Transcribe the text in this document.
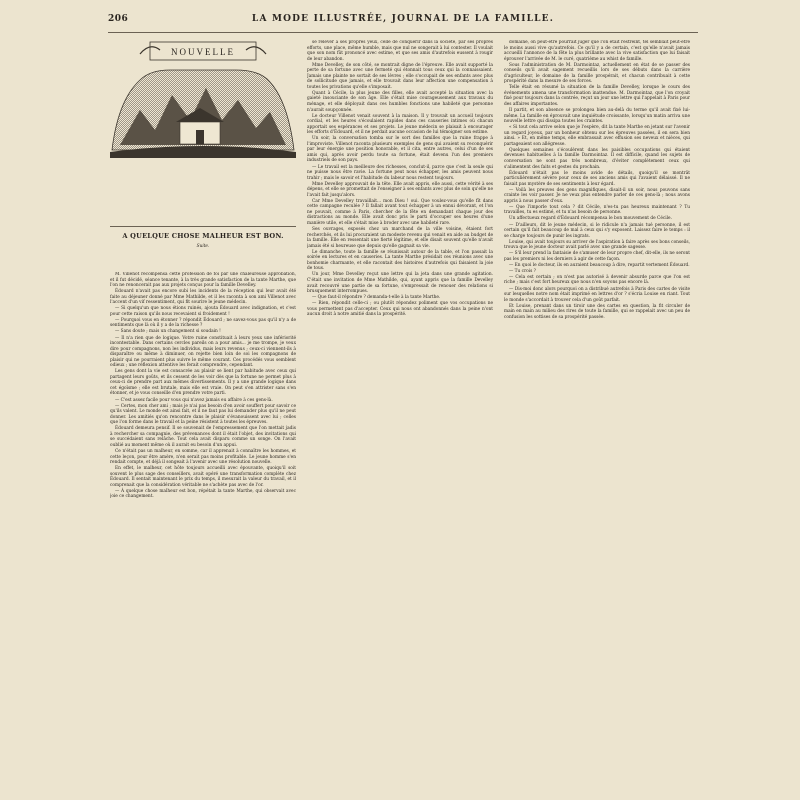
206	LA MODE ILLUSTRÉE, JOURNAL DE LA FAMILLE.
NOUVELLE
A QUELQUE CHOSE MALHEUR EST BON.
Suite.

M. Villenot récompensa cette profession de foi par une chaleureuse approbation, et il fut décidé, séance tenante, à la très grande satisfaction de la tante Marthe, que l'on ne renoncerait pas aux projets conçus pour la famille Develley.

Édouard n'avait pas encore subi les incidents de la réception qui leur avait été faite au déjeuner donné par Mme Mathilde, et il les raconta à son ami Villenot avec l'accent d'un vif ressentiment, qui fit sourire le jeune médecin.

— Si quelqu'un que nous étions ruinés, ajouta Édouard avec indignation, et c'est pour cette raison qu'ils nous recevaient si froidement !

— Pourquoi vous en étonner ? répondit Édouard ; ne savez-vous pas qu'il n'y a de sentiments que là où il y a de la richesse ?

— Sans doute ; mais un changement si soudain !

— Il n'a rien que de logique. Votre ruine constituait à leurs yeux une infériorité incontestable. Dans certains cercles pareils on a pour amis... je me trompe, je veux dire pour compagnons, non les individus, mais leurs revenus ; ceux-ci viennent-ils à disparaître ou même à diminuer, on rejette bien loin de soi les compagnons de plaisir qui ne pourraient plus suivre le même courant. Ces procédés vous semblent odieux ; une réflexion attentive les ferait comprendre, cependant.

Les gens dont la vie est consacrée au plaisir se lient par habitude avec ceux qui partagent leurs goûts, et ils cessent de les voir dès que la fortune ne permet plus à ceux-ci de prendre part aux mêmes divertissements. Il y a une grande logique dans cet égoïsme ; elle est brutale, mais elle est vraie. On peut s'en attrister sans s'en étonner, et je vous conseille d'en prendre votre parti.

— C'est assez facile pour vous qui n'avez jamais eu affaire à ces gens-là.

— Certes, mon cher ami ; mais je n'ai pas besoin d'en avoir souffert pour savoir ce qu'ils valent. Le monde est ainsi fait, et il ne faut pas lui demander plus qu'il ne peut donner. Les amitiés qu'on rencontre dans le plaisir s'évanouissent avec lui ; celles que l'on forme dans le travail et la peine résistent à toutes les épreuves.

Édouard demeura pensif. Il se souvenait de l'empressement que l'on mettait jadis à rechercher sa compagnie, des prévenances dont il était l'objet, des invitations qui se succédaient sans relâche. Tout cela avait disparu comme un songe. On l'avait oublié au moment même où il aurait eu besoin d'un appui.

Ce n'était pas un malheur, en somme, car il apprenait à connaître les hommes, et cette leçon, pour être amère, n'en serait pas moins profitable. Le jeune homme s'en rendait compte, et déjà il songeait à l'avenir avec une résolution nouvelle.

En effet, le malheur, cet hôte toujours accueilli avec épouvante, quoiqu'il soit souvent le plus sage des conseillers, avait opéré une transformation complète chez Édouard. Il sentait maintenant le prix du temps, il mesurait la valeur du travail, et il comprenait que la considération véritable ne s'achète pas avec de l'or.

— À quelque chose malheur est bon, répétait la tante Marthe, qui observait avec joie ce changement.

se relever à ses propres yeux, celle de conquérir dans la société, par ses propres efforts, une place, même humble, mais que nul ne songerait à lui contester. Il voulait que son nom fût prononcé avec estime, et que ses amis d'autrefois eussent à rougir de leur abandon.

Mme Develley, de son côté, se montrait digne de l'épreuve. Elle avait supporté la perte de sa fortune avec une fermeté qui étonnait tous ceux qui la connaissaient. Jamais une plainte ne sortait de ses lèvres ; elle s'occupait de ses enfants avec plus de sollicitude que jamais, et elle trouvait dans leur affection une compensation à toutes les privations qu'elle s'imposait.

Quant à Cécile, la plus jeune des filles, elle avait accepté la situation avec la gaieté insouciante de son âge. Elle s'était mise courageusement aux travaux du ménage, et elle déployait dans ces humbles fonctions une habileté que personne n'aurait soupçonnée.

Le docteur Villenot venait souvent à la maison. Il y trouvait un accueil toujours cordial, et les heures s'écoulaient rapides dans ces causeries intimes où chacun apportait ses espérances et ses projets. Le jeune médecin se plaisait à encourager les efforts d'Édouard, et il ne perdait aucune occasion de lui témoigner son estime.

Un soir, la conversation tomba sur le sort des familles que la ruine frappe à l'improviste. Villenot raconta plusieurs exemples de gens qui avaient su reconquérir par leur énergie une position honorable, et il cita, entre autres, celui d'un de ses amis qui, après avoir perdu toute sa fortune, était devenu l'un des premiers industriels de son pays.

— Le travail est la meilleure des richesses, conclut-il, parce que c'est la seule qui ne puisse nous être ravie. La fortune peut nous échapper, les amis peuvent nous trahir ; mais le savoir et l'habitude du labeur nous restent toujours.

Mme Develley approuvait de la tête. Elle avait appris, elle aussi, cette vérité à ses dépens, et elle se promettait de l'enseigner à ses enfants avec plus de soin qu'elle ne l'avait fait jusqu'alors.

Car Mme Develley travaillait... mon Dieu ! oui. Que voulez-vous qu'elle fît dans cette campagne reculée ? Il fallait avant tout échapper à un ennui dévorant, et l'on ne pouvait, comme à Paris, chercher de la fête en demandant chaque jour des distractions au monde. Elle avait donc pris le parti d'occuper ses heures d'une manière utile, et elle s'était mise à broder avec une habileté rare.

Ses ouvrages, exposés chez un marchand de la ville voisine, étaient fort recherchés, et ils lui procuraient un modeste revenu qui venait en aide au budget de la famille. Elle en ressentait une fierté légitime, et elle disait souvent qu'elle n'avait jamais été si heureuse que depuis qu'elle gagnait sa vie.

Le dimanche, toute la famille se réunissait autour de la table, et l'on passait la soirée en lectures et en causeries. La tante Marthe présidait ces réunions avec une bonhomie charmante, et elle racontait des histoires d'autrefois qui faisaient la joie de tous.

Un jour, Mme Develley reçut une lettre qui la jeta dans une grande agitation. C'était une invitation de Mme Mathilde, qui, ayant appris que la famille Develley avait recouvré une partie de sa fortune, s'empressait de renouer des relations si brusquement interrompues.

— Que faut-il répondre ? demanda-t-elle à la tante Marthe.

— Rien, répondit celle-ci ; ou plutôt répondez poliment que vos occupations ne vous permettent pas d'accepter. Ceux qui nous ont abandonnés dans la peine n'ont aucun droit à notre amitié dans la prospérité.

domaine, on peut-être pourrait juger que l'on était restreint, tel semblait peut-être le moins aussi vive qu'autrefois. Ce qu'il y a de certain, c'est qu'elle n'avait jamais accueilli l'annonce de la fête la plus brillante avec la vive satisfaction que lui faisait éprouver l'arrivée de M. le curé, quatrième au whist de famille.

Sous l'administration de M. Darmointaz, actuellement en état de se passer des conseils qu'il avait sagement recueillis lors de ses débuts dans la carrière d'agriculteur, le domaine de la famille prospérait, et chacun contribuait à cette prospérité dans la mesure de ses forces.

Telle était en résumé la situation de la famille Develley, lorsque le cours des événements amena une transformation inattendue. M. Darmointaz, que l'on croyait fixé pour toujours dans la contrée, reçut un jour une lettre qui l'appelait à Paris pour des affaires importantes.

Il partit, et son absence se prolongea bien au-delà du terme qu'il avait fixé lui-même. La famille en éprouvait une inquiétude croissante, lorsqu'un matin arriva une nouvelle lettre qui dissipa toutes les craintes.

« Si tout cela arrive selon que je l'espère, dit la tante Marthe en jetant sur l'avenir un regard joyeux, par un bonheur obtenu sur les épreuves passées, il en sera bien ainsi. » Et, en même temps, elle embrassait avec effusion ses neveux et nièces, qui partageaient son allégresse.

Quelques semaines s'écoulèrent dans les paisibles occupations qui étaient devenues habituelles à la famille Darmointaz. Il est difficile, quand les sujets de conversation ne sont pas très nombreux, d'éviter complètement ceux qui s'alimentent des faits et gestes du prochain.

Édouard n'était pas le moins avide de détails, quoiqu'il se montrât particulièrement sévère pour ceux de ses anciens amis qui l'avaient délaissé. Il ne faisait pas mystère de ses sentiments à leur égard.

— Voilà les preuves des gens magnifiques, disait-il un soir, nous pouvons sans crainte les voir passer. Je ne veux plus entendre parler de ces gens-là ; nous avons appris à nous passer d'eux.

— Que l'imporle tout cela ? dit Cécile, n'es-tu pas heureux maintenant ? Tu travailles, tu es estimé, et tu n'as besoin de personne.

Un affectueux regard d'Édouard récompensa le bon mouvement de Cécile.

— D'ailleurs, dit le jeune médecin, si le ridicule n'a jamais tué personne, il est certain qu'il fait beaucoup de mal à ceux qui s'y exposent. Laissez faire le temps : il se charge toujours de punir les ingrats.

Louise, qui avait toujours su arriver de l'aspiration à faire après ses bons conseils, trouva que le jeune docteur avait parlé avec une grande sagesse.

— S'il leur prend la fantaisie de s'amuser de leur propre chef, dit-elle, ils ne seront pas les premiers ni les derniers à agir de cette façon.

— En quoi le docteur, ils en auraient beaucoup à dire, repartit vertement Édouard.

— Tu crois ?

— Cela est certain ; on n'est pas autorisé à devenir absurde parce que l'on est riche ; mais c'est fort heureux que nous n'en soyons pas encore là.

— Dis-moi donc alors pourquoi on a distribué autrefois à Paris des cartes de visite sur lesquelles notre nom était imprimé en lettres d'or ? s'écria Louise en riant. Tout le monde s'accordait à trouver cela d'un goût parfait.

Et Louise, prenant dans un tiroir une des cartes en question, la fit circuler de main en main au milieu des rires de toute la famille, qui se rappelait avec un peu de confusion les sottises de sa prospérité passée.
